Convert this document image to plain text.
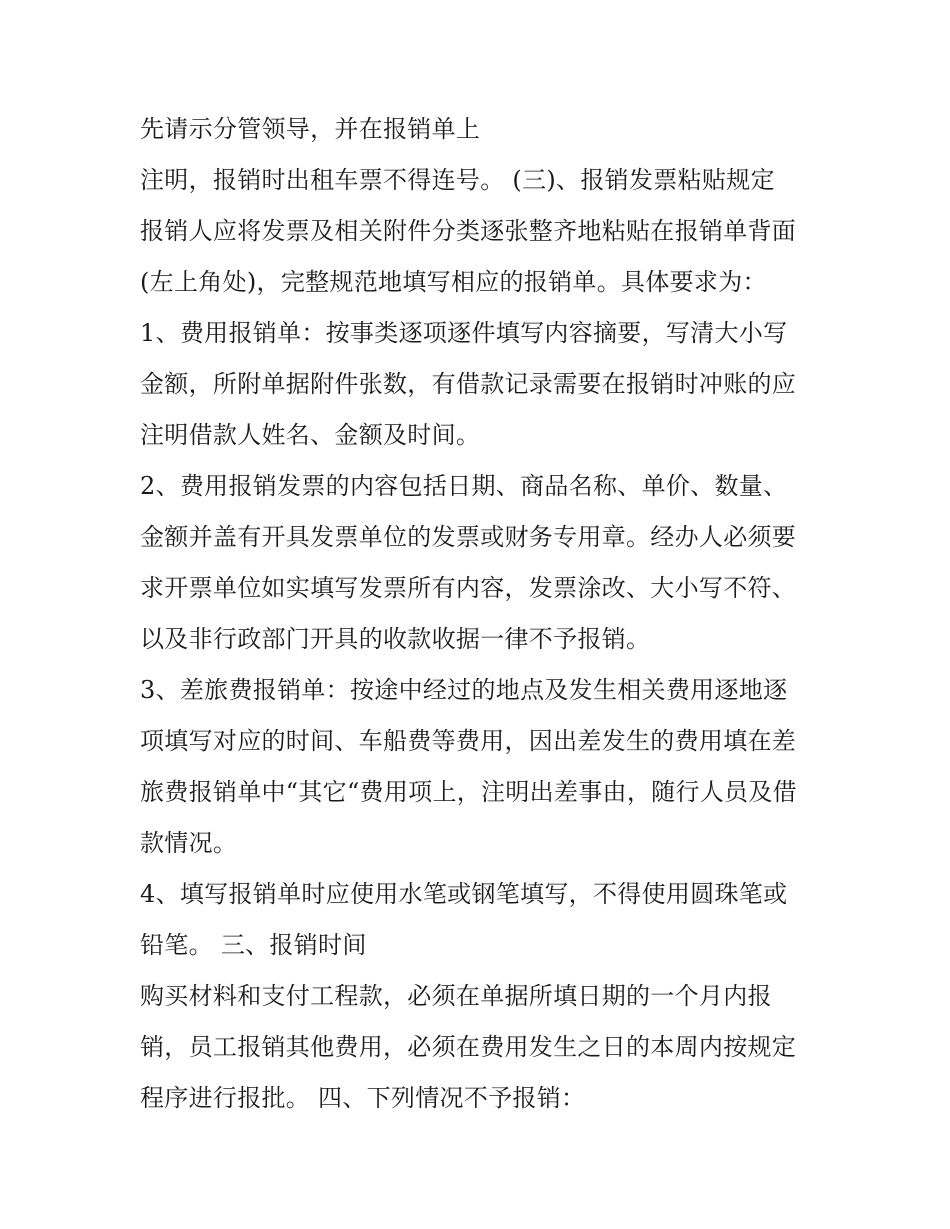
先请示分管领导，并在报销单上
注明，报销时出租车票不得连号。 (三)、报销发票粘贴规定
报销人应将发票及相关附件分类逐张整齐地粘贴在报销单背面
(左上角处)，完整规范地填写相应的报销单。具体要求为：
1、费用报销单：按事类逐项逐件填写内容摘要，写清大小写
金额，所附单据附件张数，有借款记录需要在报销时冲账的应
注明借款人姓名、金额及时间。
2、费用报销发票的内容包括日期、商品名称、单价、数量、
金额并盖有开具发票单位的发票或财务专用章。经办人必须要
求开票单位如实填写发票所有内容，发票涂改、大小写不符、
以及非行政部门开具的收款收据一律不予报销。
3、差旅费报销单：按途中经过的地点及发生相关费用逐地逐
项填写对应的时间、车船费等费用，因出差发生的费用填在差
旅费报销单中“其它“费用项上，注明出差事由，随行人员及借
款情况。
4、填写报销单时应使用水笔或钢笔填写，不得使用圆珠笔或
铅笔。 三、报销时间
购买材料和支付工程款，必须在单据所填日期的一个月内报
销，员工报销其他费用，必须在费用发生之日的本周内按规定
程序进行报批。 四、下列情况不予报销：
